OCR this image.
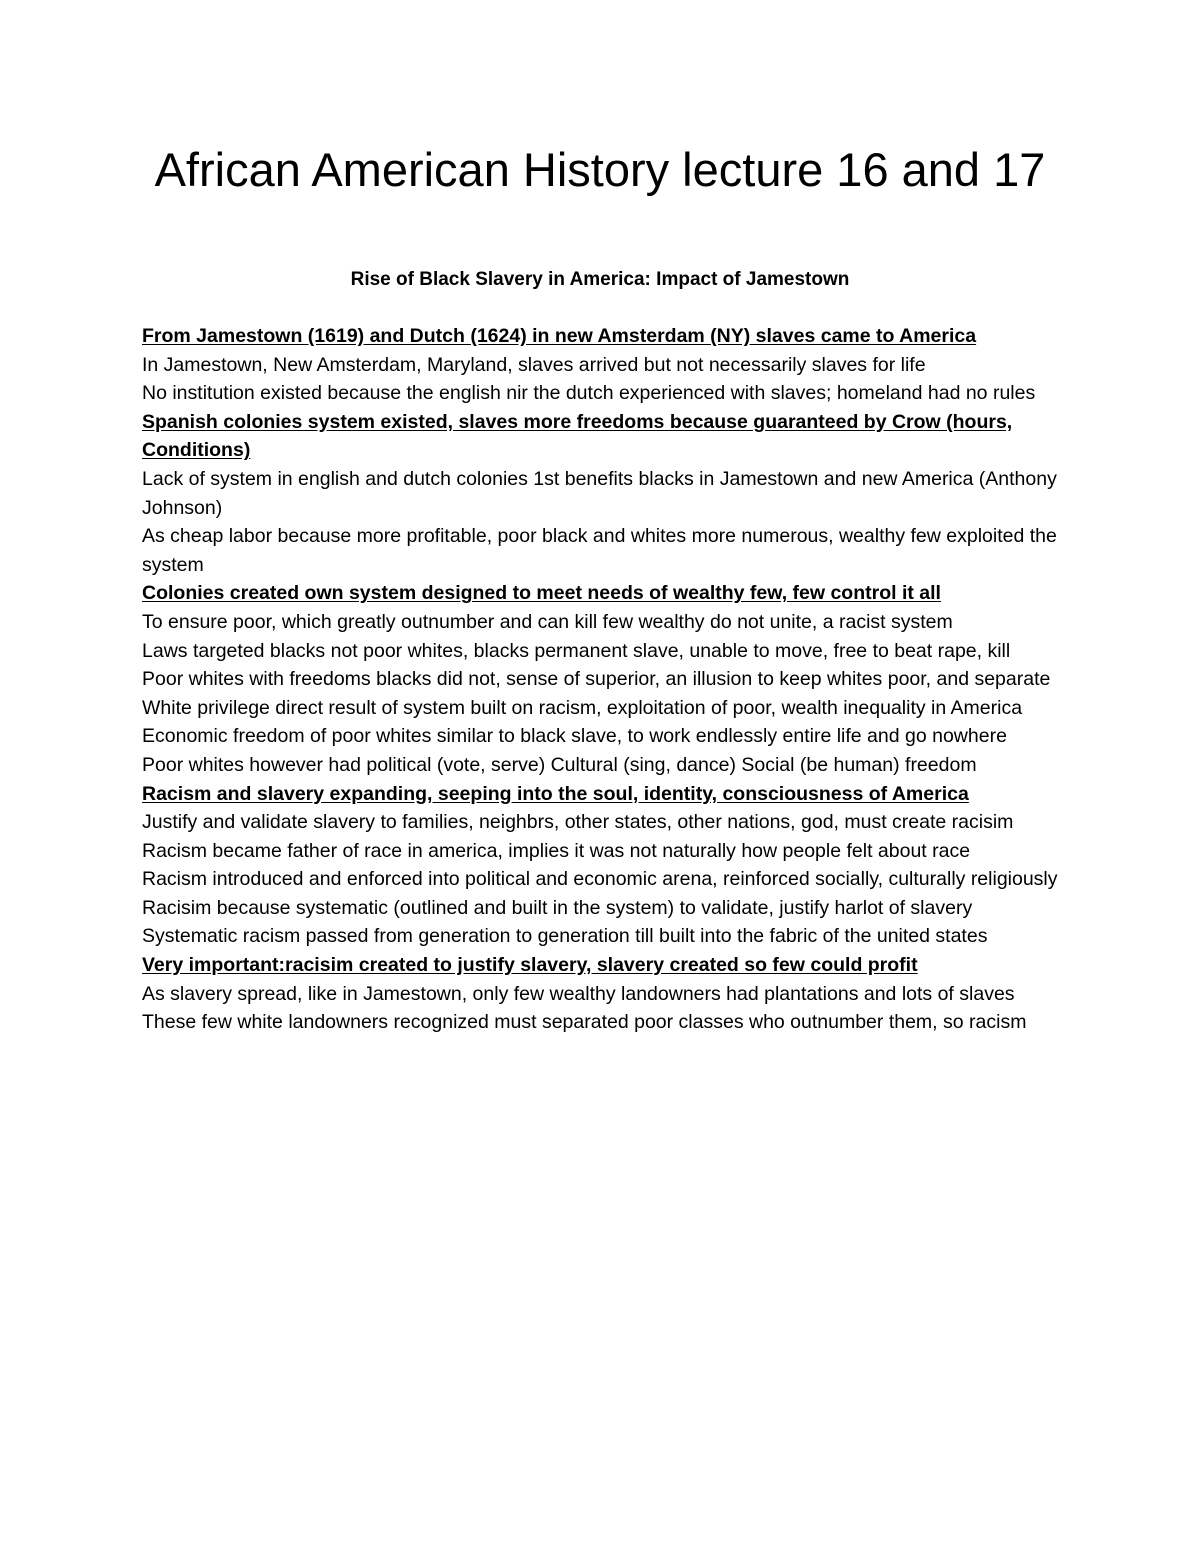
African American History lecture 16 and 17
Rise of Black Slavery in America: Impact of Jamestown

From Jamestown (1619) and Dutch (1624) in new Amsterdam (NY) slaves came to America

In Jamestown, New Amsterdam, Maryland, slaves arrived but not necessarily slaves for life

No institution existed because the english nir the dutch experienced with slaves; homeland had no rules

Spanish colonies system existed, slaves more freedoms because guaranteed by Crow (hours, Conditions)

Lack of system in english and dutch colonies 1st benefits blacks in Jamestown and new America (Anthony Johnson)

As cheap labor because more profitable, poor black and whites more numerous, wealthy few exploited the system

Colonies created own system designed to meet needs of wealthy few, few control it all

To ensure poor, which greatly outnumber and can kill few wealthy do not unite, a racist system

Laws targeted blacks not poor whites, blacks permanent slave, unable to move, free to beat rape, kill

Poor whites with freedoms blacks did not, sense of superior, an illusion to keep whites poor, and separate

White privilege direct result of system built on racism, exploitation of poor, wealth inequality in America

Economic freedom of poor whites similar to black slave, to work endlessly entire life and go nowhere

Poor whites however had political (vote, serve) Cultural (sing, dance) Social (be human) freedom

Racism and slavery expanding, seeping into the soul, identity, consciousness of America

Justify and validate slavery to families, neighbrs, other states, other nations, god, must create racisim

Racism became father of race in america, implies it was not naturally how people felt about race

Racism introduced and enforced into political and economic arena, reinforced socially, culturally religiously

Racisim because systematic (outlined and built in the system) to validate, justify harlot of slavery

Systematic racism passed from generation to generation till built into the fabric of the united states

Very important:racisim created to justify slavery, slavery created so few could profit

As slavery spread, like in Jamestown, only few wealthy landowners had plantations and lots of slaves

These few white landowners recognized must separated poor classes who outnumber them, so racism
